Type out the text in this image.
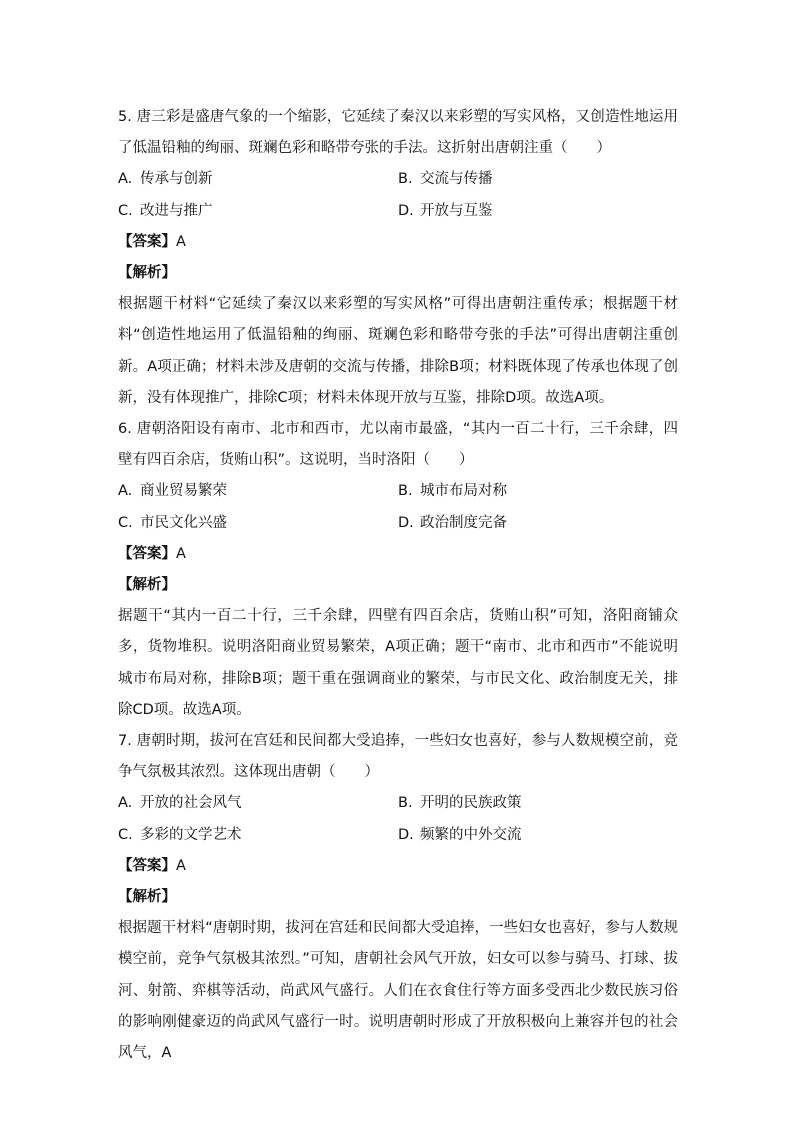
5. 唐三彩是盛唐气象的一个缩影，它延续了秦汉以来彩塑的写实风格，又创造性地运用了低温铅釉的绚丽、斑斓色彩和略带夸张的手法。这折射出唐朝注重（　　）

A. 传承与创新	B. 交流与传播
C. 改进与推广	D. 开放与互鉴

【答案】A

【解析】

根据题干材料“它延续了秦汉以来彩塑的写实风格”可得出唐朝注重传承；根据题干材料“创造性地运用了低温铅釉的绚丽、斑斓色彩和略带夸张的手法”可得出唐朝注重创新。A项正确；材料未涉及唐朝的交流与传播，排除B项；材料既体现了传承也体现了创新，没有体现推广，排除C项；材料未体现开放与互鉴，排除D项。故选A项。

6. 唐朝洛阳设有南市、北市和西市，尤以南市最盛，“其内一百二十行，三千余肆，四壁有四百余店，货贿山积”。这说明，当时洛阳（　　）

A. 商业贸易繁荣	B. 城市布局对称
C. 市民文化兴盛	D. 政治制度完备

【答案】A

【解析】

据题干“其内一百二十行，三千余肆，四壁有四百余店，货贿山积”可知，洛阳商铺众多，货物堆积。说明洛阳商业贸易繁荣，A项正确；题干“南市、北市和西市”不能说明城市布局对称，排除B项；题干重在强调商业的繁荣，与市民文化、政治制度无关，排除CD项。故选A项。

7. 唐朝时期，拔河在宫廷和民间都大受追捧，一些妇女也喜好，参与人数规模空前，竞争气氛极其浓烈。这体现出唐朝（　　）

A. 开放的社会风气	B. 开明的民族政策
C. 多彩的文学艺术	D. 频繁的中外交流

【答案】A

【解析】

根据题干材料“唐朝时期，拔河在宫廷和民间都大受追捧，一些妇女也喜好，参与人数规模空前，竞争气氛极其浓烈。”可知，唐朝社会风气开放，妇女可以参与骑马、打球、拔河、射箭、弈棋等活动，尚武风气盛行。人们在衣食住行等方面多受西北少数民族习俗的影响刚健豪迈的尚武风气盛行一时。说明唐朝时形成了开放积极向上兼容并包的社会风气，A
